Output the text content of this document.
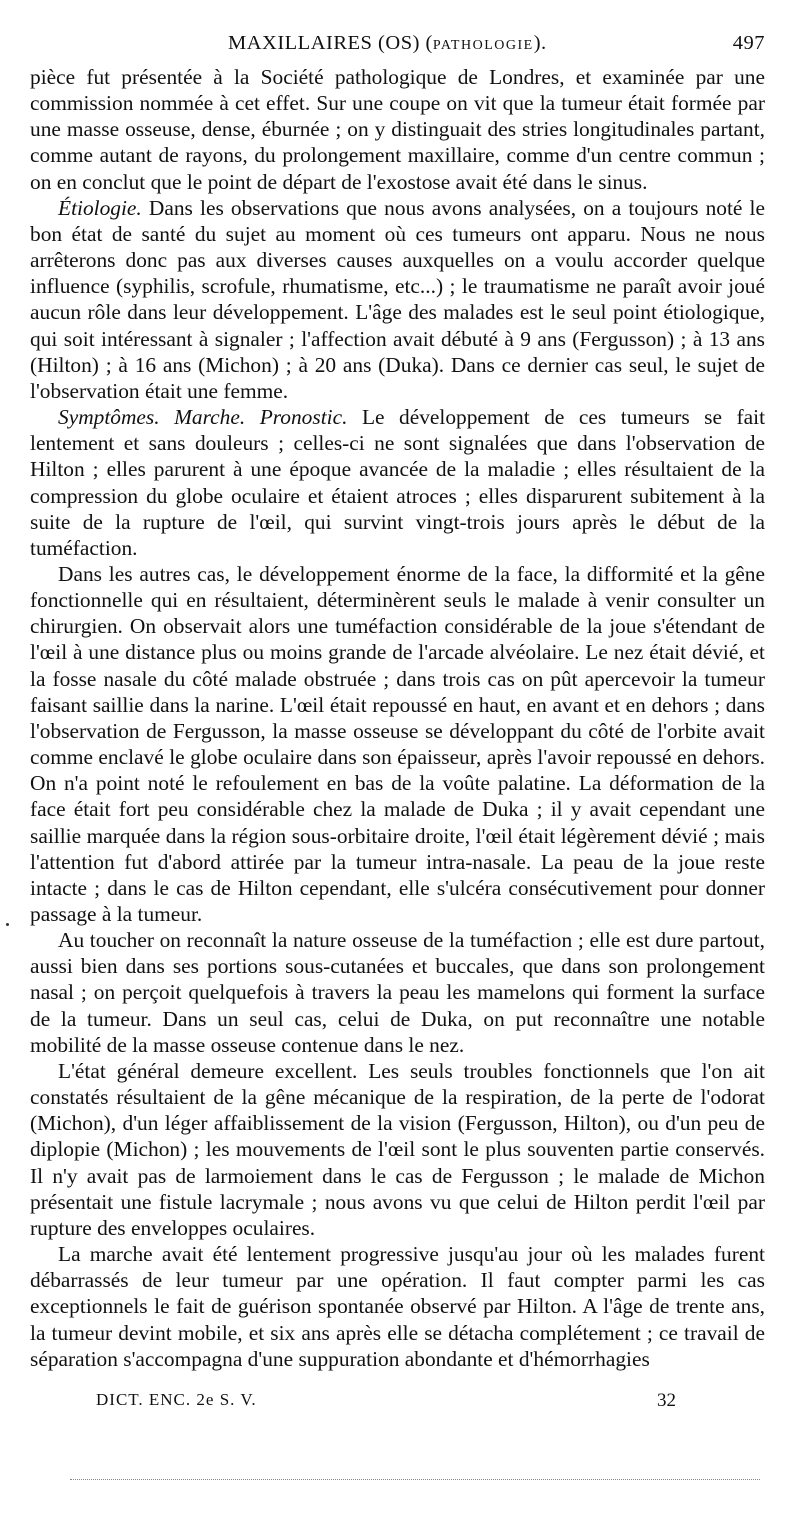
MAXILLAIRES (OS) (PATHOLOGIE).	497

pièce fut présentée à la Société pathologique de Londres, et examinée par une commission nommée à cet effet. Sur une coupe on vit que la tumeur était formée par une masse osseuse, dense, éburnée ; on y distinguait des stries longitudinales partant, comme autant de rayons, du prolongement maxillaire, comme d'un centre commun ; on en conclut que le point de départ de l'exostose avait été dans le sinus.

Étiologie. Dans les observations que nous avons analysées, on a toujours noté le bon état de santé du sujet au moment où ces tumeurs ont apparu. Nous ne nous arrêterons donc pas aux diverses causes auxquelles on a voulu accorder quelque influence (syphilis, scrofule, rhumatisme, etc...) ; le traumatisme ne paraît avoir joué aucun rôle dans leur développement. L'âge des malades est le seul point étiologique, qui soit intéressant à signaler ; l'affection avait débuté à 9 ans (Fergusson) ; à 13 ans (Hilton) ; à 16 ans (Michon) ; à 20 ans (Duka). Dans ce dernier cas seul, le sujet de l'observation était une femme.

Symptômes. Marche. Pronostic. Le développement de ces tumeurs se fait lentement et sans douleurs ; celles-ci ne sont signalées que dans l'observation de Hilton ; elles parurent à une époque avancée de la maladie ; elles résultaient de la compression du globe oculaire et étaient atroces ; elles disparurent subitement à la suite de la rupture de l'œil, qui survint vingt-trois jours après le début de la tuméfaction.

Dans les autres cas, le développement énorme de la face, la difformité et la gêne fonctionnelle qui en résultaient, déterminèrent seuls le malade à venir consulter un chirurgien. On observait alors une tuméfaction considérable de la joue s'étendant de l'œil à une distance plus ou moins grande de l'arcade alvéolaire. Le nez était dévié, et la fosse nasale du côté malade obstruée ; dans trois cas on pût apercevoir la tumeur faisant saillie dans la narine. L'œil était repoussé en haut, en avant et en dehors ; dans l'observation de Fergusson, la masse osseuse se développant du côté de l'orbite avait comme enclavé le globe oculaire dans son épaisseur, après l'avoir repoussé en dehors. On n'a point noté le refoulement en bas de la voûte palatine. La déformation de la face était fort peu considérable chez la malade de Duka ; il y avait cependant une saillie marquée dans la région sous-orbitaire droite, l'œil était légèrement dévié ; mais l'attention fut d'abord attirée par la tumeur intra-nasale. La peau de la joue reste intacte ; dans le cas de Hilton cependant, elle s'ulcéra consécutivement pour donner passage à la tumeur.

Au toucher on reconnaît la nature osseuse de la tuméfaction ; elle est dure partout, aussi bien dans ses portions sous-cutanées et buccales, que dans son prolongement nasal ; on perçoit quelquefois à travers la peau les mamelons qui forment la surface de la tumeur. Dans un seul cas, celui de Duka, on put reconnaître une notable mobilité de la masse osseuse contenue dans le nez.

L'état général demeure excellent. Les seuls troubles fonctionnels que l'on ait constatés résultaient de la gêne mécanique de la respiration, de la perte de l'odorat (Michon), d'un léger affaiblissement de la vision (Fergusson, Hilton), ou d'un peu de diplopie (Michon) ; les mouvements de l'œil sont le plus souventen partie conservés. Il n'y avait pas de larmoiement dans le cas de Fergusson ; le malade de Michon présentait une fistule lacrymale ; nous avons vu que celui de Hilton perdit l'œil par rupture des enveloppes oculaires.

La marche avait été lentement progressive jusqu'au jour où les malades furent débarrassés de leur tumeur par une opération. Il faut compter parmi les cas exceptionnels le fait de guérison spontanée observé par Hilton. A l'âge de trente ans, la tumeur devint mobile, et six ans après elle se détacha complétement ; ce travail de séparation s'accompagna d'une suppuration abondante et d'hémorrhagies

DICT. ENC. 2e S. V.	32
